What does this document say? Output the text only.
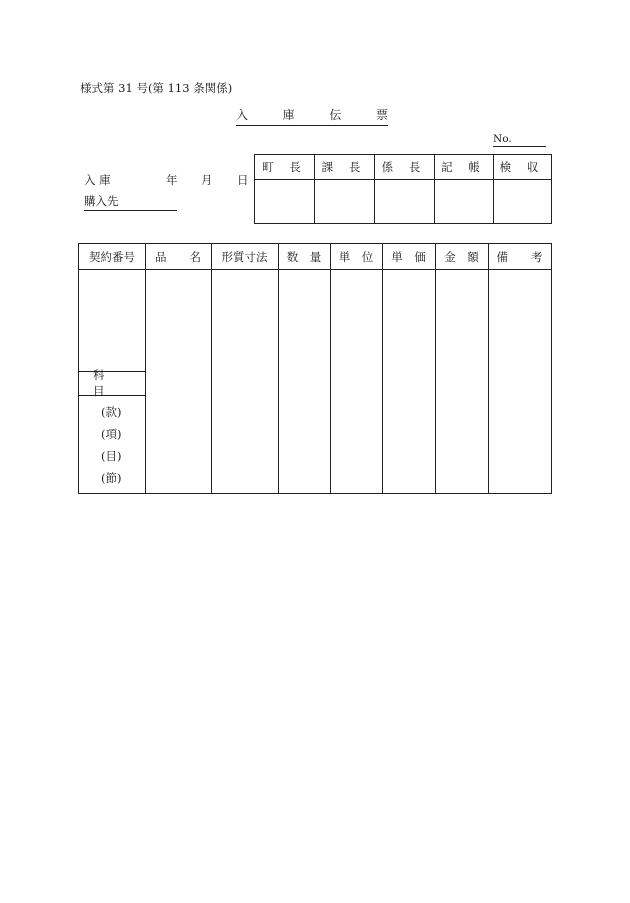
様式第 31 号(第 113 条関係)
入	庫	伝	票
No.
入 庫	年 月 日
購入先
町 長	課 長	係 長	記 帳	検 収
契約番号	品　　名	形質寸法	数　量	単　位	単　価	金　額	備　　考
科 目
(款)
(項)
(目)
(節)
